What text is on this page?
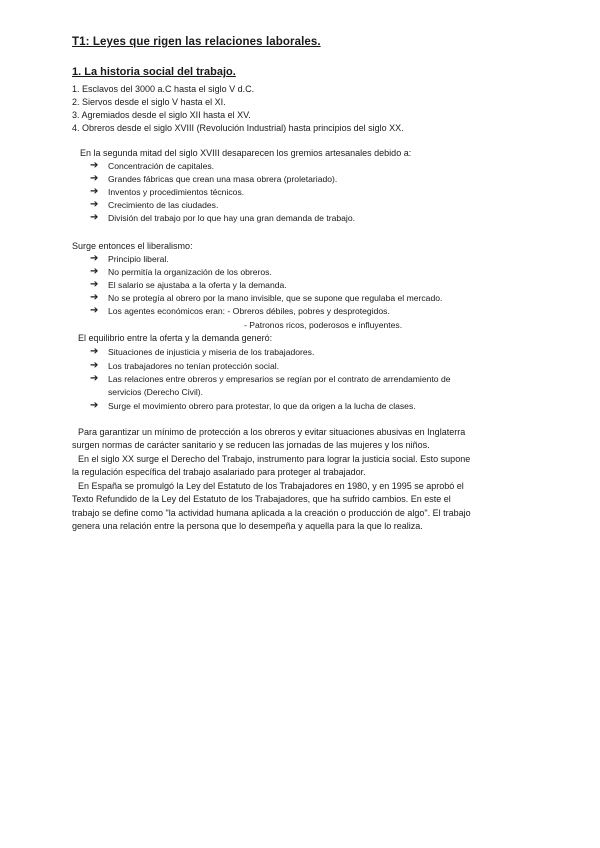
T1: Leyes que rigen las relaciones laborales.
1. La historia social del trabajo.
1. Esclavos del 3000 a.C hasta el siglo V d.C.
2. Siervos desde el siglo V hasta el XI.
3. Agremiados desde el siglo XII hasta el XV.
4. Obreros desde el siglo XVIII (Revolución Industrial) hasta principios del siglo XX.
En la segunda mitad del siglo XVIII desaparecen los gremios artesanales debido a:
➔ Concentración de capitales.
➔ Grandes fábricas que crean una masa obrera (proletariado).
➔ Inventos y procedimientos técnicos.
➔ Crecimiento de las ciudades.
➔ División del trabajo por lo que hay una gran demanda de trabajo.
Surge entonces el liberalismo:
➔ Principio liberal.
➔ No permitía la organización de los obreros.
➔ El salario se ajustaba a la oferta y la demanda.
➔ No se protegía al obrero por la mano invisible, que se supone que regulaba el mercado.
➔ Los agentes económicos eran: - Obreros débiles, pobres y desprotegidos.
- Patronos ricos, poderosos e influyentes.
El equilibrio entre la oferta y la demanda generó:
➔ Situaciones de injusticia y miseria de los trabajadores.
➔ Los trabajadores no tenían protección social.
➔ Las relaciones entre obreros y empresarios se regían por el contrato de arrendamiento de
servicios (Derecho Civil).
➔ Surge el movimiento obrero para protestar, lo que da origen a la lucha de clases.
Para garantizar un mínimo de protección a los obreros y evitar situaciones abusivas en Inglaterra
surgen normas de carácter sanitario y se reducen las jornadas de las mujeres y los niños.
En el siglo XX surge el Derecho del Trabajo, instrumento para lograr la justicia social. Esto supone
la regulación específica del trabajo asalariado para proteger al trabajador.
En España se promulgó la Ley del Estatuto de los Trabajadores en 1980, y en 1995 se aprobó el
Texto Refundido de la Ley del Estatuto de los Trabajadores, que ha sufrido cambios. En este el
trabajo se define como "la actividad humana aplicada a la creación o producción de algo". El trabajo
genera una relación entre la persona que lo desempeña y aquella para la que lo realiza.
